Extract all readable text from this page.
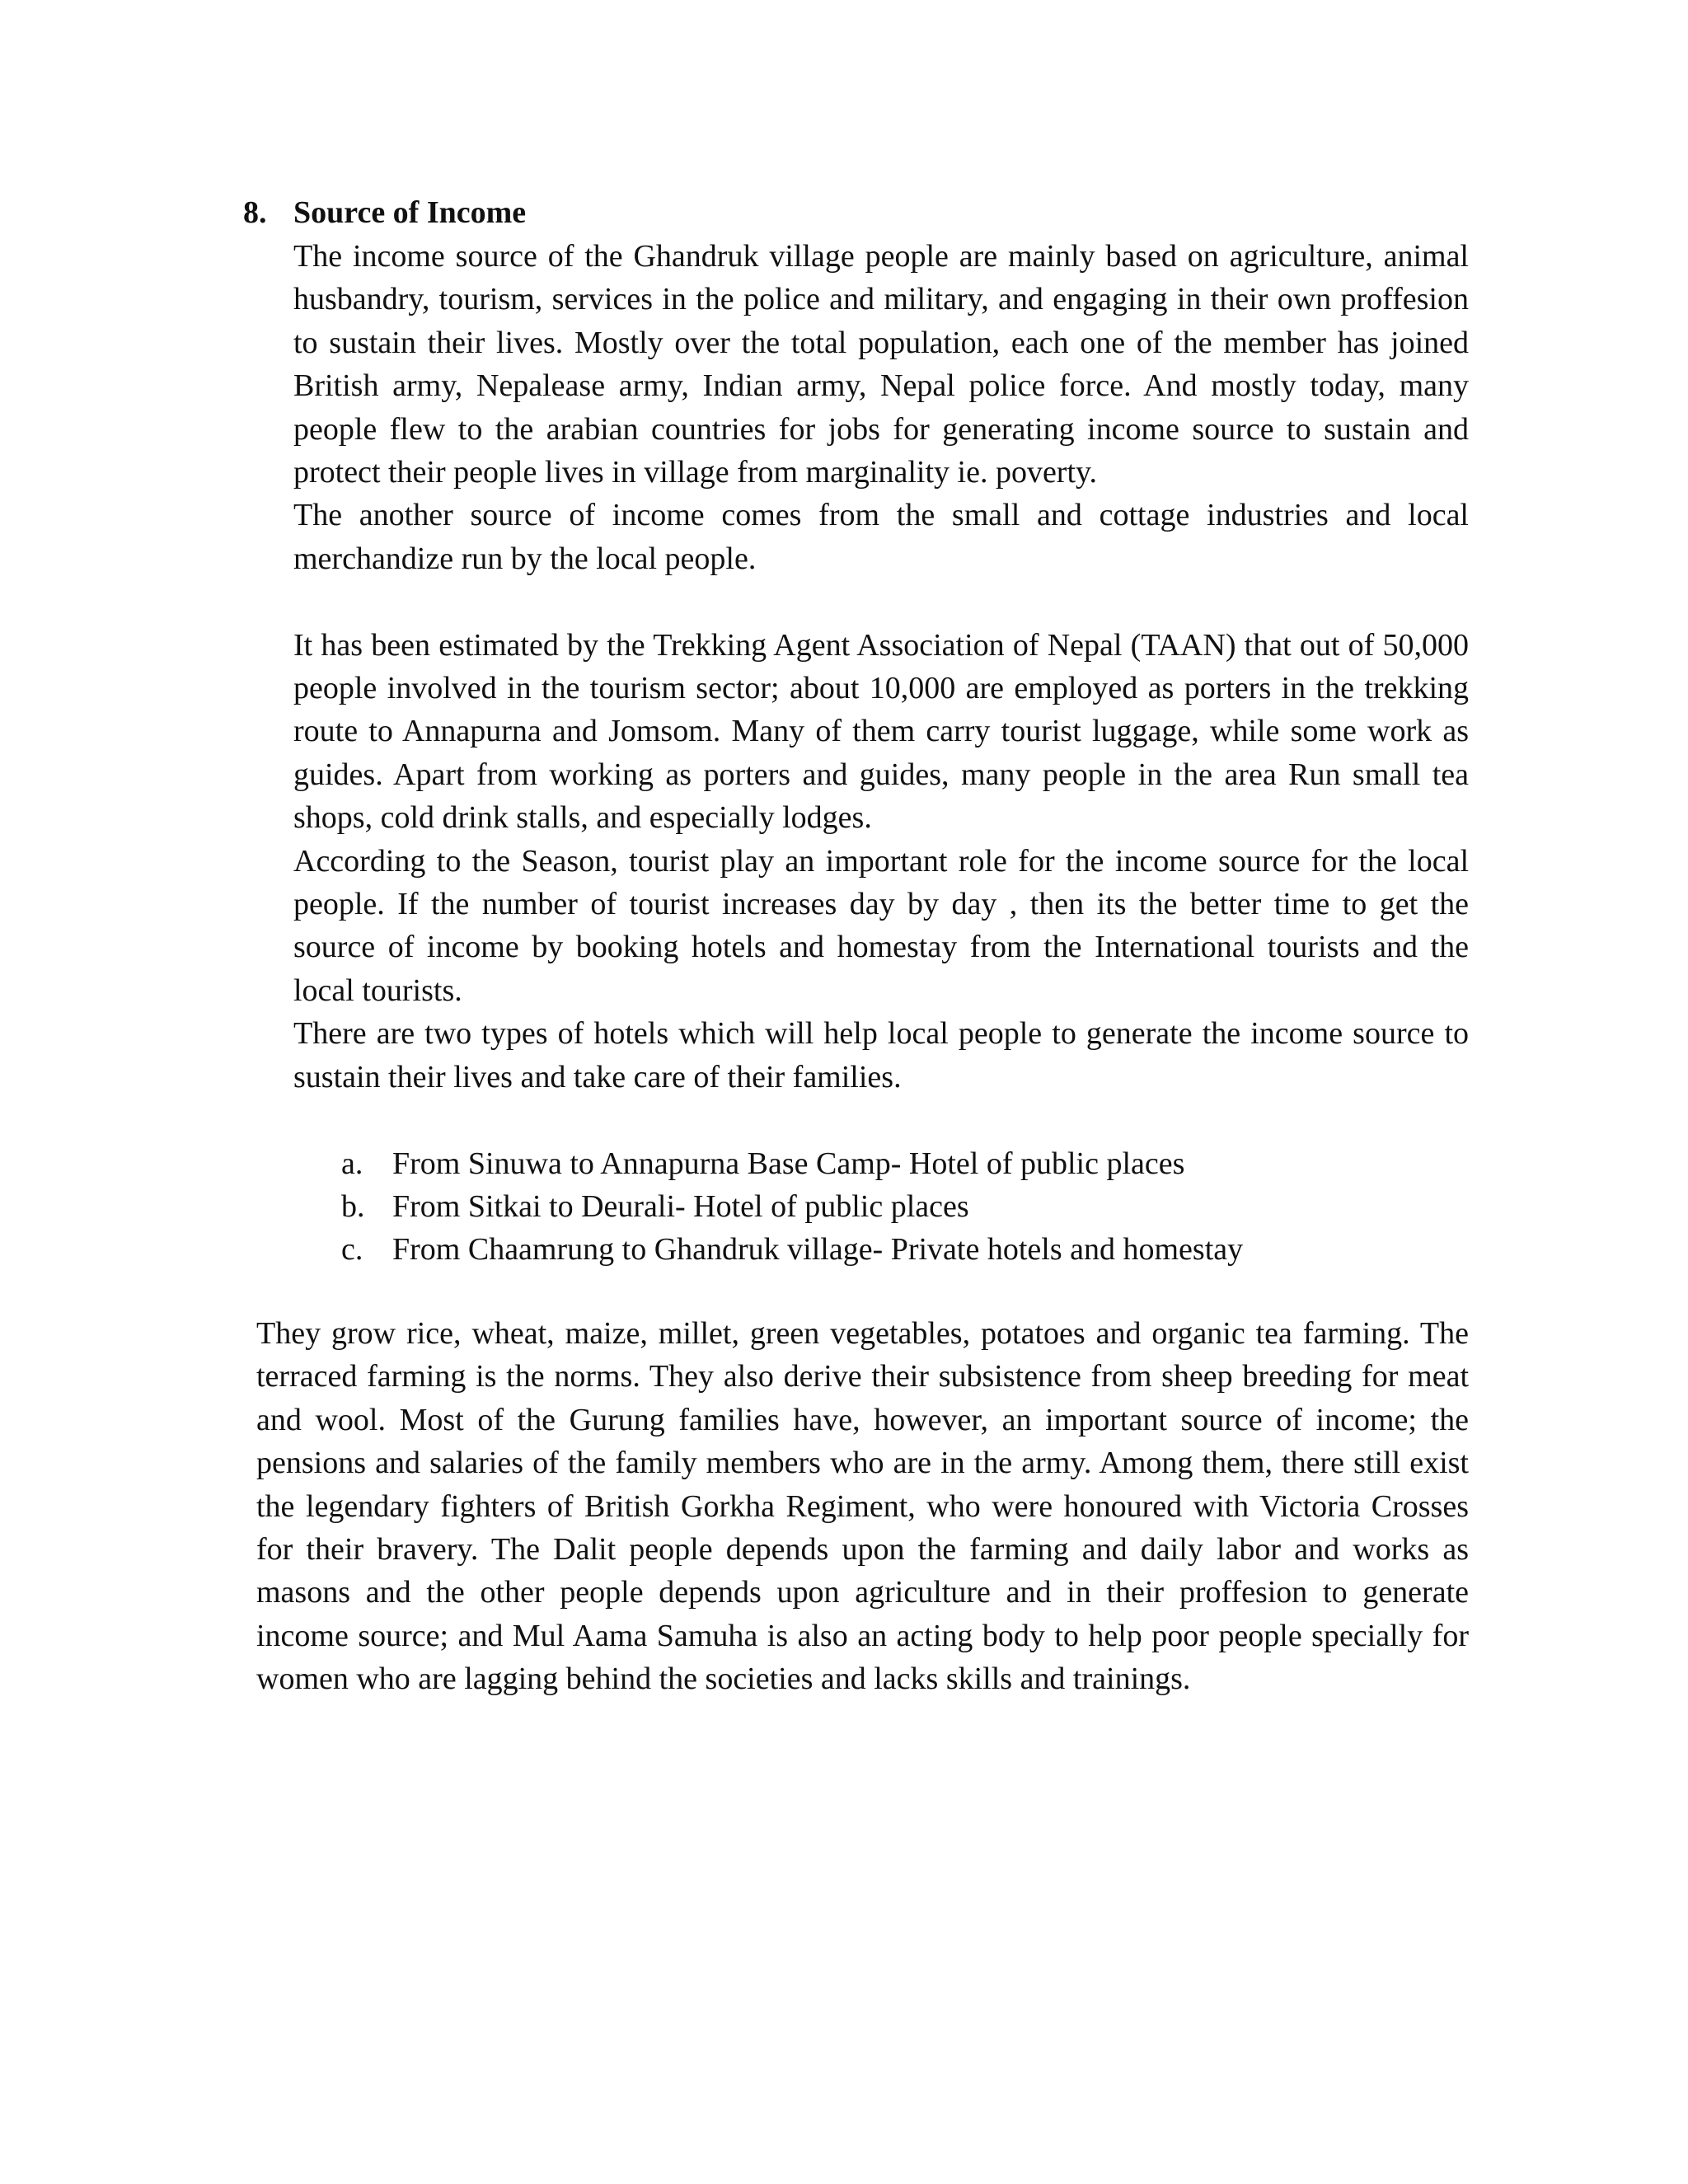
8. Source of Income

The income source of the Ghandruk village people are mainly based on agriculture, animal husbandry, tourism, services in the police and military, and engaging in their own proffesion to sustain their lives. Mostly over the total population, each one of the member has joined British army, Nepalease army, Indian army, Nepal police force. And mostly today, many people flew to the arabian countries for jobs for generating income source to sustain and protect their people lives in village from marginality ie. poverty.

The another source of income comes from the small and cottage industries and local merchandize run by the local people.

It has been estimated by the Trekking Agent Association of Nepal (TAAN) that out of 50,000 people involved in the tourism sector; about 10,000 are employed as porters in the trekking route to Annapurna and Jomsom. Many of them carry tourist luggage, while some work as guides. Apart from working as porters and guides, many people in the area Run small tea shops, cold drink stalls, and especially lodges.

According to the Season, tourist play an important role for the income source for the local people. If the number of tourist increases day by day , then its the better time to get the source of income by booking hotels and homestay from the International tourists and the local tourists.

There are two types of hotels which will help local people to generate the income source to sustain their lives and take care of their families.

a. From Sinuwa to Annapurna Base Camp- Hotel of public places
b. From Sitkai to Deurali- Hotel of public places
c. From Chaamrung to Ghandruk village- Private hotels and homestay

They grow rice, wheat, maize, millet, green vegetables, potatoes and organic tea farming. The terraced farming is the norms. They also derive their subsistence from sheep breeding for meat and wool. Most of the Gurung families have, however, an important source of income; the pensions and salaries of the family members who are in the army. Among them, there still exist the legendary fighters of British Gorkha Regiment, who were honoured with Victoria Crosses for their bravery. The Dalit people depends upon the farming and daily labor and works as masons and the other people depends upon agriculture and in their proffesion to generate income source; and Mul Aama Samuha is also an acting body to help poor people specially for women who are lagging behind the societies and lacks skills and trainings.
